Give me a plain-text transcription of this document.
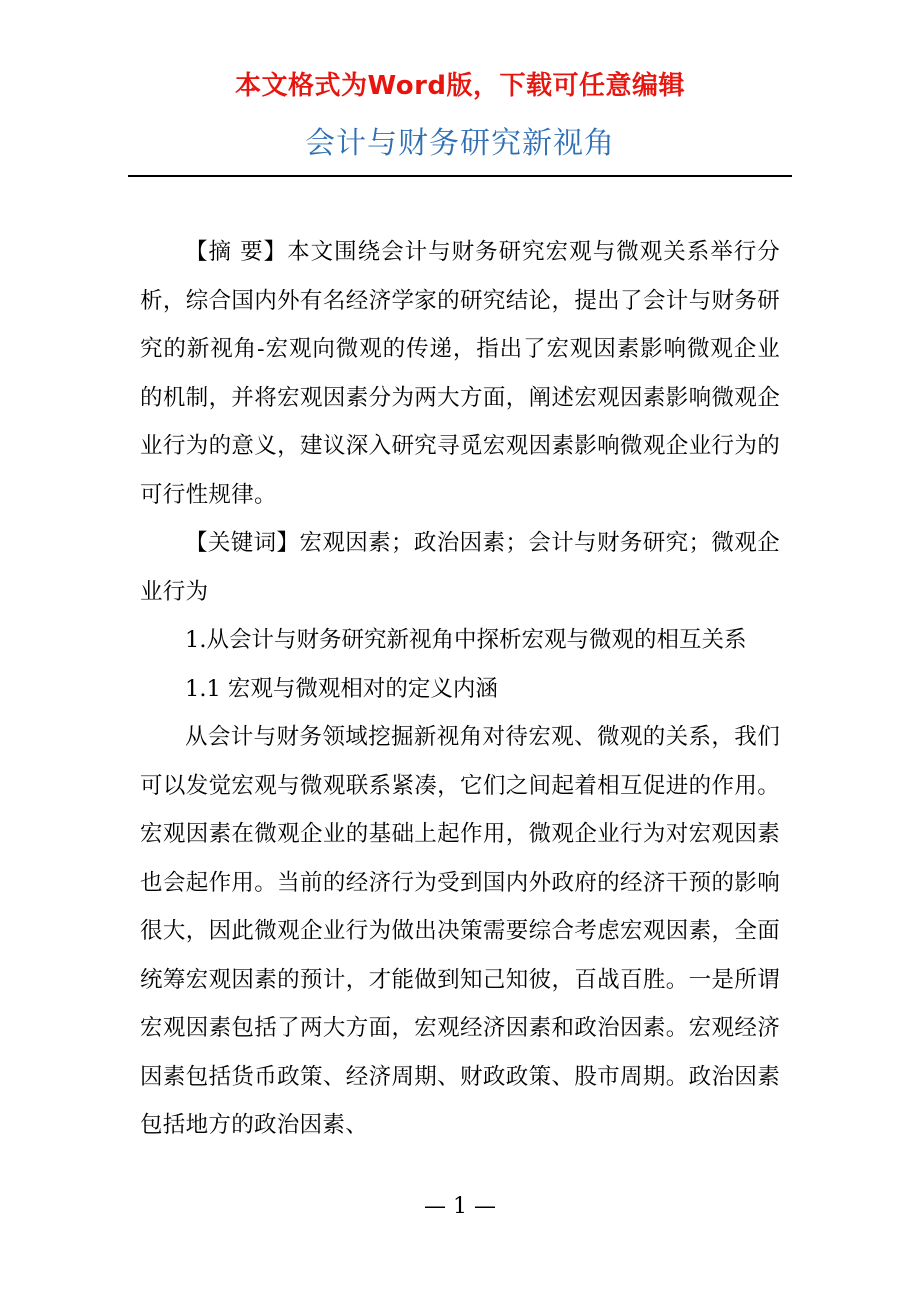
本文格式为Word版，下载可任意编辑
会计与财务研究新视角

【摘 要】本文围绕会计与财务研究宏观与微观关系举行分析，综合国内外有名经济学家的研究结论，提出了会计与财务研究的新视角-宏观向微观的传递，指出了宏观因素影响微观企业的机制，并将宏观因素分为两大方面，阐述宏观因素影响微观企业行为的意义，建议深入研究寻觅宏观因素影响微观企业行为的可行性规律。

【关键词】宏观因素；政治因素；会计与财务研究；微观企业行为

1.从会计与财务研究新视角中探析宏观与微观的相互关系

1.1 宏观与微观相对的定义内涵

从会计与财务领域挖掘新视角对待宏观、微观的关系，我们可以发觉宏观与微观联系紧凑，它们之间起着相互促进的作用。宏观因素在微观企业的基础上起作用，微观企业行为对宏观因素也会起作用。当前的经济行为受到国内外政府的经济干预的影响很大，因此微观企业行为做出决策需要综合考虑宏观因素，全面统筹宏观因素的预计，才能做到知己知彼，百战百胜。一是所谓宏观因素包括了两大方面，宏观经济因素和政治因素。宏观经济因素包括货币政策、经济周期、财政政策、股市周期。政治因素包括地方的政治因素、

— 1 —
